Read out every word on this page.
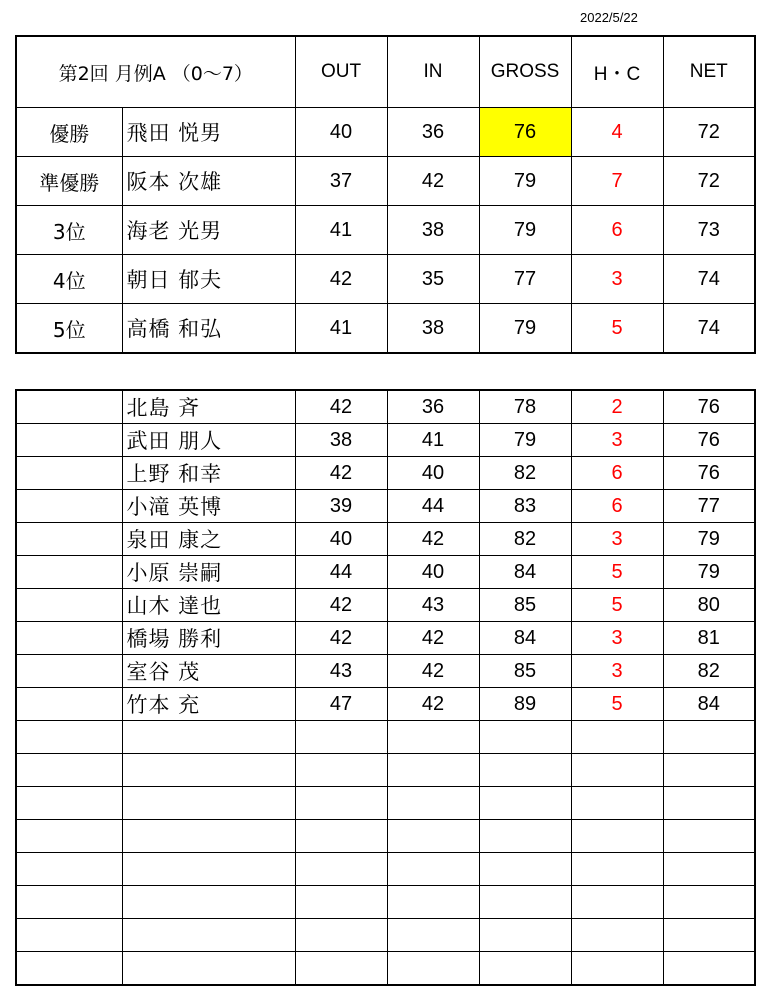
2022/5/22
第2回 月例A （0～7）		OUT	IN	GROSS	H・C	NET
優勝	飛田 悦男	40	36	76	4	72
準優勝	阪本 次雄	37	42	79	7	72
3位	海老 光男	41	38	79	6	73
4位	朝日 郁夫	42	35	77	3	74
5位	高橋 和弘	41	38	79	5	74
	北島 斉	42	36	78	2	76
	武田 朋人	38	41	79	3	76
	上野 和幸	42	40	82	6	76
	小滝 英博	39	44	83	6	77
	泉田 康之	40	42	82	3	79
	小原 崇嗣	44	40	84	5	79
	山木 達也	42	43	85	5	80
	橋場 勝利	42	42	84	3	81
	室谷 茂	43	42	85	3	82
	竹本 充	47	42	89	5	84
